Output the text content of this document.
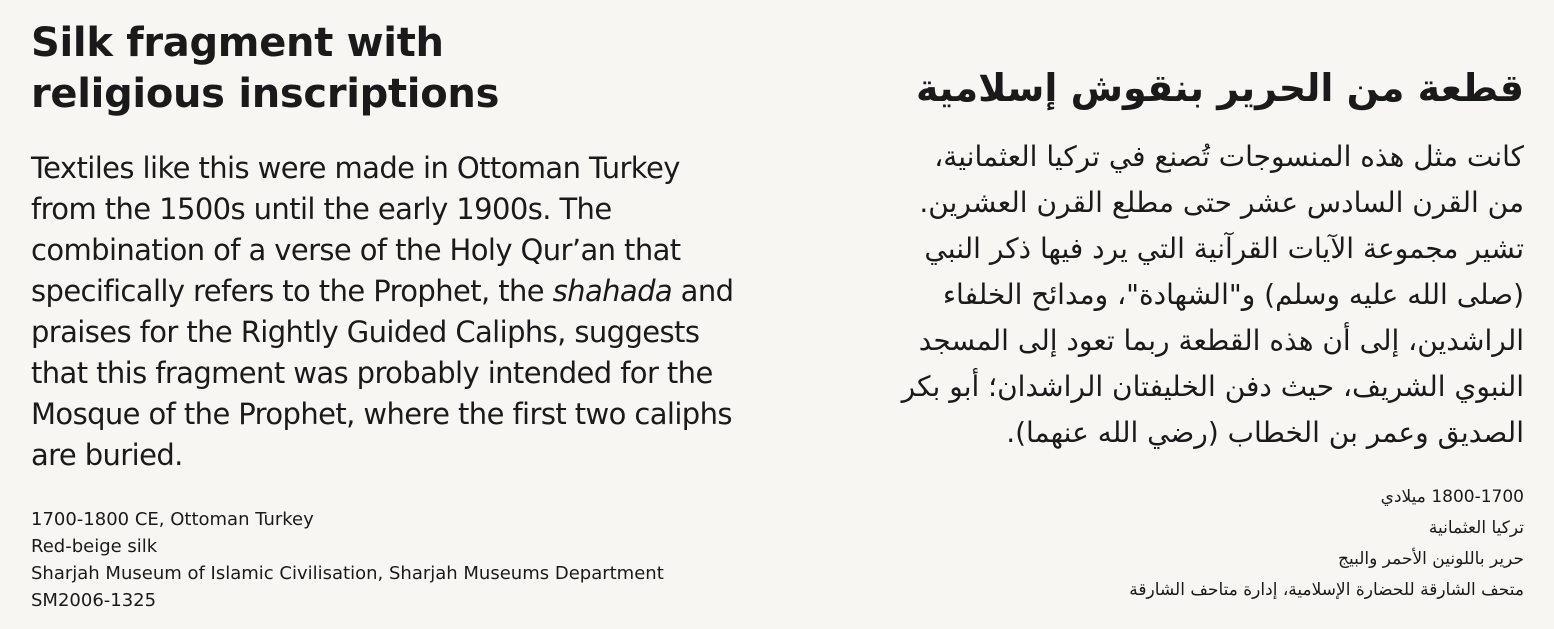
Silk fragment with
religious inscriptions

Textiles like this were made in Ottoman Turkey from the 1500s until the early 1900s. The combination of a verse of the Holy Qur’an that specifically refers to the Prophet, the shahada and praises for the Rightly Guided Caliphs, suggests that this fragment was probably intended for the Mosque of the Prophet, where the first two caliphs are buried.

1700-1800 CE, Ottoman Turkey
Red-beige silk
Sharjah Museum of Islamic Civilisation, Sharjah Museums Department
SM2006-1325
قطعة من الحرير بنقوش إسلامية
كانت مثل هذه المنسوجات تُصنع في تركيا العثمانية،
من القرن السادس عشر حتى مطلع القرن العشرين.
تشير مجموعة الآيات القرآنية التي يرد فيها ذكر النبي
(صلى الله عليه وسلم) و"الشهادة"، ومدائح الخلفاء
الراشدين، إلى أن هذه القطعة ربما تعود إلى المسجد
النبوي الشريف، حيث دفن الخليفتان الراشدان؛ أبو بكر
الصديق وعمر بن الخطاب (رضي الله عنهما).
1800-1700 ميلادي
تركيا العثمانية
حرير باللونين الأحمر والبيج
متحف الشارقة للحضارة الإسلامية، إدارة متاحف الشارقة
